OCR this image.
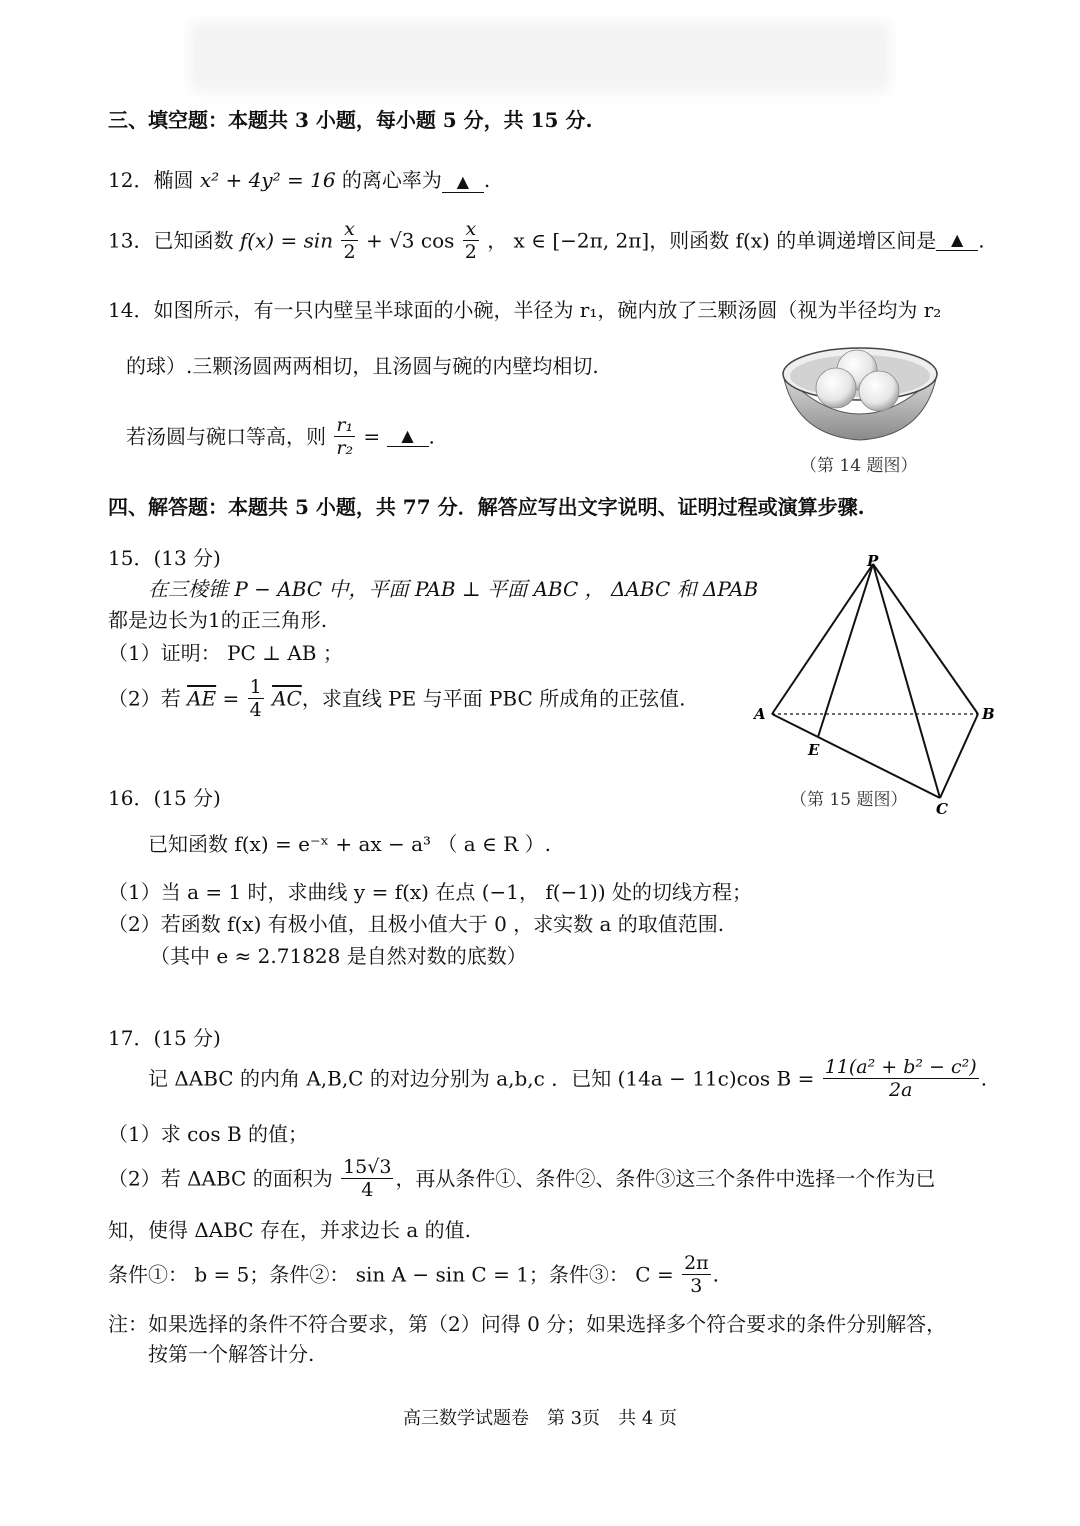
三、填空题：本题共 3 小题，每小题 5 分，共 15 分.
12．椭圆 x² + 4y² = 16 的离心率为 ▲ .
13．已知函数 $f(x) = \sin \frac{x}{2} + √3$ $\cos \frac{x}{2}$ ， x ∈ [−2π, 2π]，则函数 f(x) 的单调递增区间是 ▲ .
14．如图所示，有一只内壁呈半球面的小碗，半径为 r₁，碗内放了三颗汤圆（视为半径均为 r₂
的球）.三颗汤圆两两相切，且汤圆与碗的内壁均相切.
若汤圆与碗口等高，则 $\frac{\text{r₁}}{\text{r₂}}$ = ▲ .
（第 14 题图）
四、解答题：本题共 5 小题，共 77 分．解答应写出文字说明、证明过程或演算步骤.
15．(13 分)
在三棱锥 P − ABC 中，平面 PAB ⊥ 平面 ABC ， ΔABC 和 ΔPAB
都是边长为1的正三角形.
（1）证明： PC ⊥ AB ；
（2）若 $\overline{AE} = \frac{1}{4} \overline{AC}$，求直线 PE 与平面 PBC 所成角的正弦值.
P
A	B
C
E
（第 15 题图）
16．(15 分)
已知函数 f(x) = e⁻ˣ + ax − a³ （ a ∈ R ）.
（1）当 a = 1 时，求曲线 y = f(x) 在点 (−1， f(−1)) 处的切线方程；
（2）若函数 f(x) 有极小值，且极小值大于 0 ，求实数 a 的取值范围.
（其中 e ≈ 2.71828 是自然对数的底数）
17．(15 分)
记 ΔABC 的内角 A,B,C 的对边分别为 a,b,c ．已知 (14a − 11c)cos $B = \frac{\text{11(a² + b² − c²)}}{2a}$ .
（1）求 cos B 的值；
（2）若 ΔABC 的面积为 $\frac{15√3}{4}$ ，再从条件①、条件②、条件③这三个条件中选择一个作为已
知，使得 ΔABC 存在，并求边长 a 的值.
条件①： b = 5；条件②： sin A − sin C = 1；条件③： $C = \frac{2\pi}{3}$ .
注：如果选择的条件不符合要求，第（2）问得 0 分；如果选择多个符合要求的条件分别解答，
按第一个解答计分.
高三数学试题卷　第 3页　共 4 页
